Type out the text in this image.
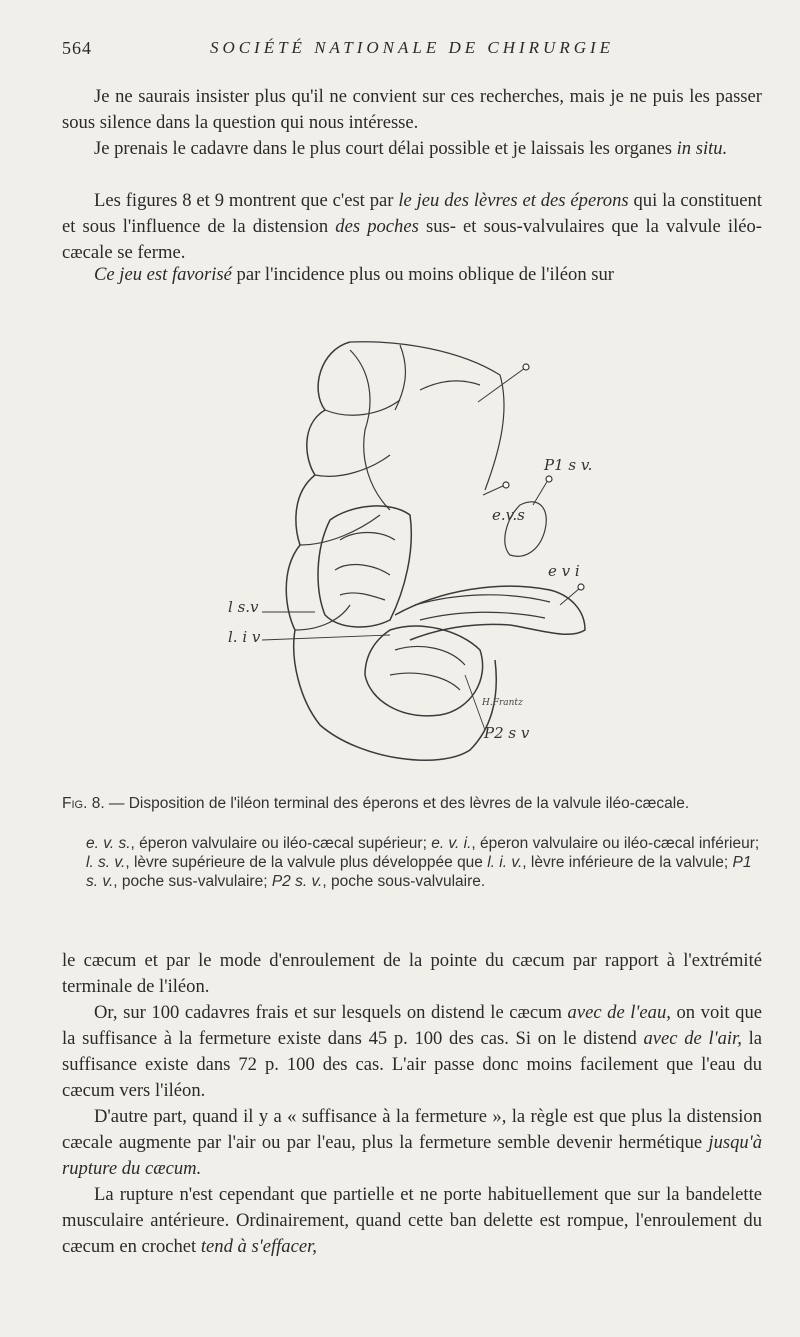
564	SOCIÉTÉ NATIONALE DE CHIRURGIE

Je ne saurais insister plus qu'il ne convient sur ces recherches, mais je ne puis les passer sous silence dans la question qui nous intéresse.

Je prenais le cadavre dans le plus court délai possible et je laissais les organes in situ.

Les figures 8 et 9 montrent que c'est par le jeu des lèvres et des éperons qui la constituent et sous l'influence de la distension des poches sus- et sous-valvulaires que la valvule iléo-cæcale se ferme.

Ce jeu est favorisé par l'incidence plus ou moins oblique de l'iléon sur

P1 s v.
e.v.s
e v i
l s.v
l. i v
P2 s v
H.Frantz

Fig. 8. — Disposition de l'iléon terminal des éperons et des lèvres de la valvule iléo-cæcale.

e. v. s., éperon valvulaire ou iléo-cæcal supérieur; e. v. i., éperon valvulaire ou iléo-cæcal inférieur; l. s. v., lèvre supérieure de la valvule plus développée que l. i. v., lèvre inférieure de la valvule; P1 s. v., poche sus-valvulaire; P2 s. v., poche sous-valvulaire.

le cæcum et par le mode d'enroulement de la pointe du cæcum par rapport à l'extrémité terminale de l'iléon.

Or, sur 100 cadavres frais et sur lesquels on distend le cæcum avec de l'eau, on voit que la suffisance à la fermeture existe dans 45 p. 100 des cas. Si on le distend avec de l'air, la suffisance existe dans 72 p. 100 des cas. L'air passe donc moins facilement que l'eau du cæcum vers l'iléon.

D'autre part, quand il y a « suffisance à la fermeture », la règle est que plus la distension cæcale augmente par l'air ou par l'eau, plus la fermeture semble devenir hermétique jusqu'à rupture du cæcum.

La rupture n'est cependant que partielle et ne porte habituellement que sur la bandelette musculaire antérieure. Ordinairement, quand cette ban delette est rompue, l'enroulement du cæcum en crochet tend à s'effacer,
